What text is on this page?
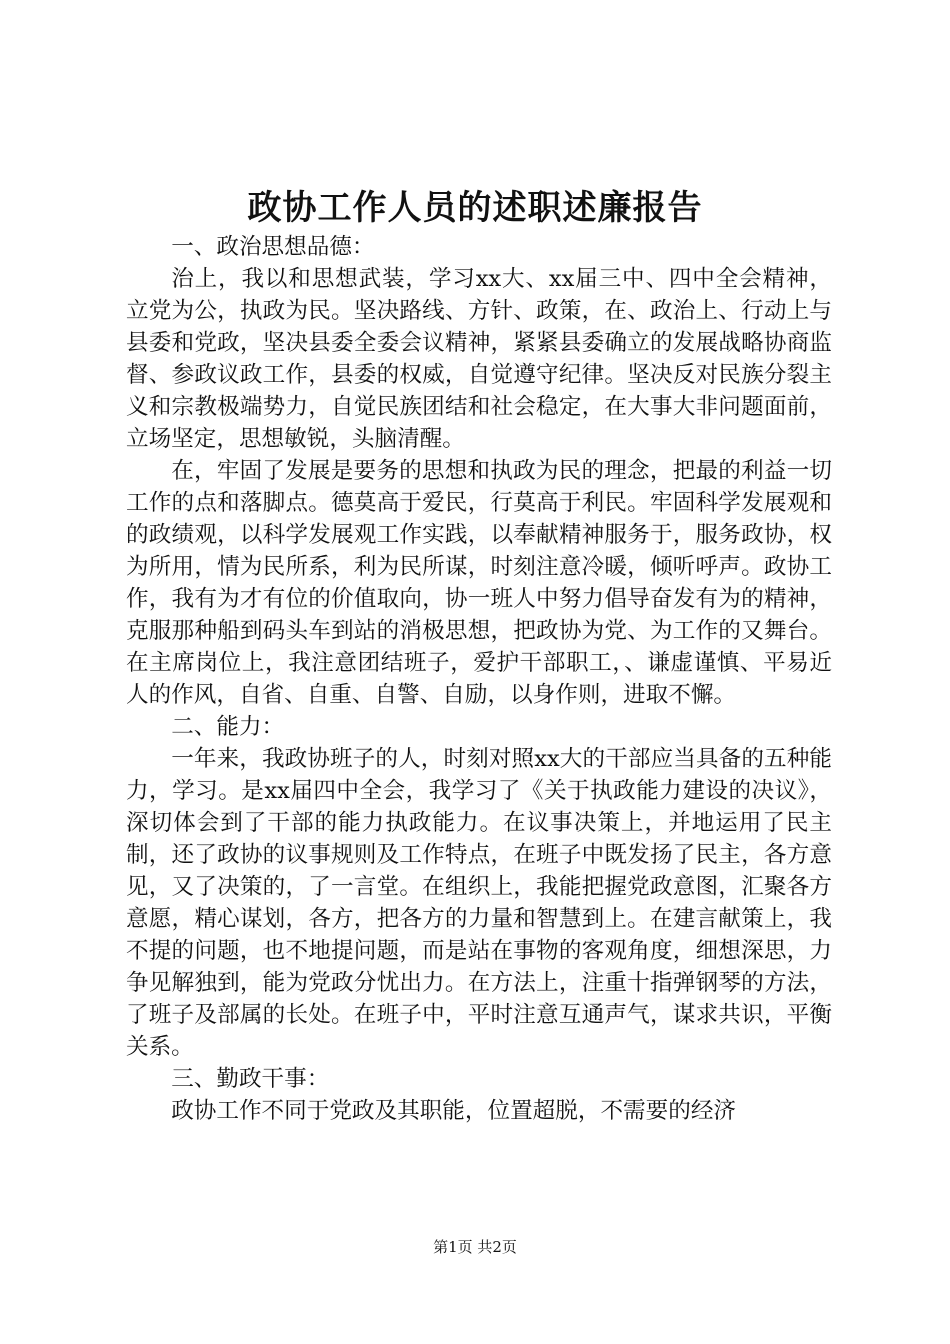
政协工作人员的述职述廉报告

一、政治思想品德：

治上，我以和思想武装，学习xx大、xx届三中、四中全会精神，立党为公，执政为民。坚决路线、方针、政策，在、政治上、行动上与县委和党政，坚决县委全委会议精神，紧紧县委确立的发展战略协商监督、参政议政工作，县委的权威，自觉遵守纪律。坚决反对民族分裂主义和宗教极端势力，自觉民族团结和社会稳定，在大事大非问题面前，立场坚定，思想敏锐，头脑清醒。

在，牢固了发展是要务的思想和执政为民的理念，把最的利益一切工作的点和落脚点。德莫高于爱民，行莫高于利民。牢固科学发展观和的政绩观，以科学发展观工作实践，以奉献精神服务于，服务政协，权为所用，情为民所系，利为民所谋，时刻注意冷暖，倾听呼声。政协工作，我有为才有位的价值取向，协一班人中努力倡导奋发有为的精神，克服那种船到码头车到站的消极思想，把政协为党、为工作的又舞台。在主席岗位上，我注意团结班子，爱护干部职工，、谦虚谨慎、平易近人的作风，自省、自重、自警、自励，以身作则，进取不懈。

二、能力：

一年来，我政协班子的人，时刻对照xx大的干部应当具备的五种能力，学习。是xx届四中全会，我学习了《关于执政能力建设的决议》，深切体会到了干部的能力执政能力。在议事决策上，并地运用了民主制，还了政协的议事规则及工作特点，在班子中既发扬了民主，各方意见，又了决策的，了一言堂。在组织上，我能把握党政意图，汇聚各方意愿，精心谋划，各方，把各方的力量和智慧到上。在建言献策上，我不提的问题，也不地提问题，而是站在事物的客观角度，细想深思，力争见解独到，能为党政分忧出力。在方法上，注重十指弹钢琴的方法，了班子及部属的长处。在班子中，平时注意互通声气，谋求共识，平衡关系。

三、勤政干事：

政协工作不同于党政及其职能，位置超脱，不需要的经济

第1页 共2页
